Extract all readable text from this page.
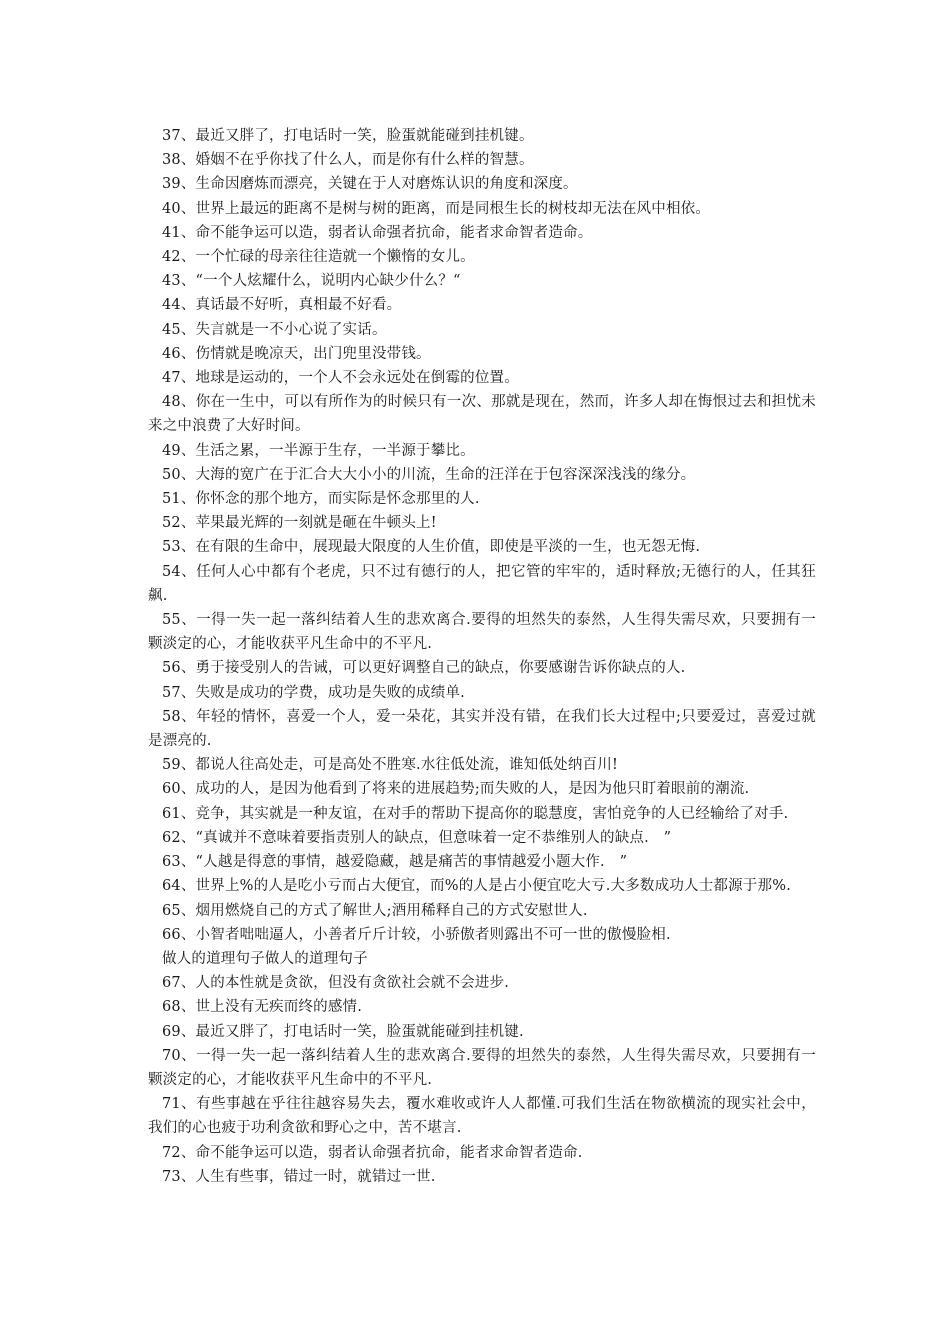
37、最近又胖了，打电话时一笑，脸蛋就能碰到挂机键。

38、婚姻不在乎你找了什么人，而是你有什么样的智慧。

39、生命因磨炼而漂亮，关键在于人对磨炼认识的角度和深度。

40、世界上最远的距离不是树与树的距离，而是同根生长的树枝却无法在风中相依。

41、命不能争运可以造，弱者认命强者抗命，能者求命智者造命。

42、一个忙碌的母亲往往造就一个懒惰的女儿。

43、“一个人炫耀什么，说明内心缺少什么？“

44、真话最不好听，真相最不好看。

45、失言就是一不小心说了实话。

46、伤情就是晚凉天，出门兜里没带钱。

47、地球是运动的，一个人不会永远处在倒霉的位置。

48、你在一生中，可以有所作为的时候只有一次、那就是现在，然而，许多人却在悔恨过去和担忧未来之中浪费了大好时间。

49、生活之累，一半源于生存，一半源于攀比。

50、大海的宽广在于汇合大大小小的川流，生命的汪洋在于包容深深浅浅的缘分。

51、你怀念的那个地方，而实际是怀念那里的人.

52、苹果最光辉的一刻就是砸在牛顿头上!

53、在有限的生命中，展现最大限度的人生价值，即使是平淡的一生，也无怨无悔.

54、任何人心中都有个老虎，只不过有德行的人，把它管的牢牢的，适时释放;无德行的人，任其狂飙.

55、一得一失一起一落纠结着人生的悲欢离合.要得的坦然失的泰然，人生得失需尽欢，只要拥有一颗淡定的心，才能收获平凡生命中的不平凡.

56、勇于接受别人的告诫，可以更好调整自己的缺点，你要感谢告诉你缺点的人.

57、失败是成功的学费，成功是失败的成绩单.

58、年轻的情怀，喜爱一个人，爱一朵花，其实并没有错，在我们长大过程中;只要爱过，喜爱过就是漂亮的.

59、都说人往高处走，可是高处不胜寒.水往低处流，谁知低处纳百川!

60、成功的人，是因为他看到了将来的进展趋势;而失败的人，是因为他只盯着眼前的潮流.

61、竞争，其实就是一种友谊，在对手的帮助下提高你的聪慧度，害怕竞争的人已经输给了对手.

62、“真诚并不意味着要指责别人的缺点，但意味着一定不恭维别人的缺点.　”

63、“人越是得意的事情，越爱隐藏，越是痛苦的事情越爱小题大作.　”

64、世界上%的人是吃小亏而占大便宜，而%的人是占小便宜吃大亏.大多数成功人士都源于那%.

65、烟用燃烧自己的方式了解世人;酒用稀释自己的方式安慰世人.

66、小智者咄咄逼人，小善者斤斤计较，小骄傲者则露出不可一世的傲慢脸相.

做人的道理句子做人的道理句子

67、人的本性就是贪欲，但没有贪欲社会就不会进步.

68、世上没有无疾而终的感情.

69、最近又胖了，打电话时一笑，脸蛋就能碰到挂机键.

70、一得一失一起一落纠结着人生的悲欢离合.要得的坦然失的泰然，人生得失需尽欢，只要拥有一颗淡定的心，才能收获平凡生命中的不平凡.

71、有些事越在乎往往越容易失去，覆水难收或许人人都懂.可我们生活在物欲横流的现实社会中，我们的心也疲于功利贪欲和野心之中，苦不堪言.

72、命不能争运可以造，弱者认命强者抗命，能者求命智者造命.

73、人生有些事，错过一时，就错过一世.
